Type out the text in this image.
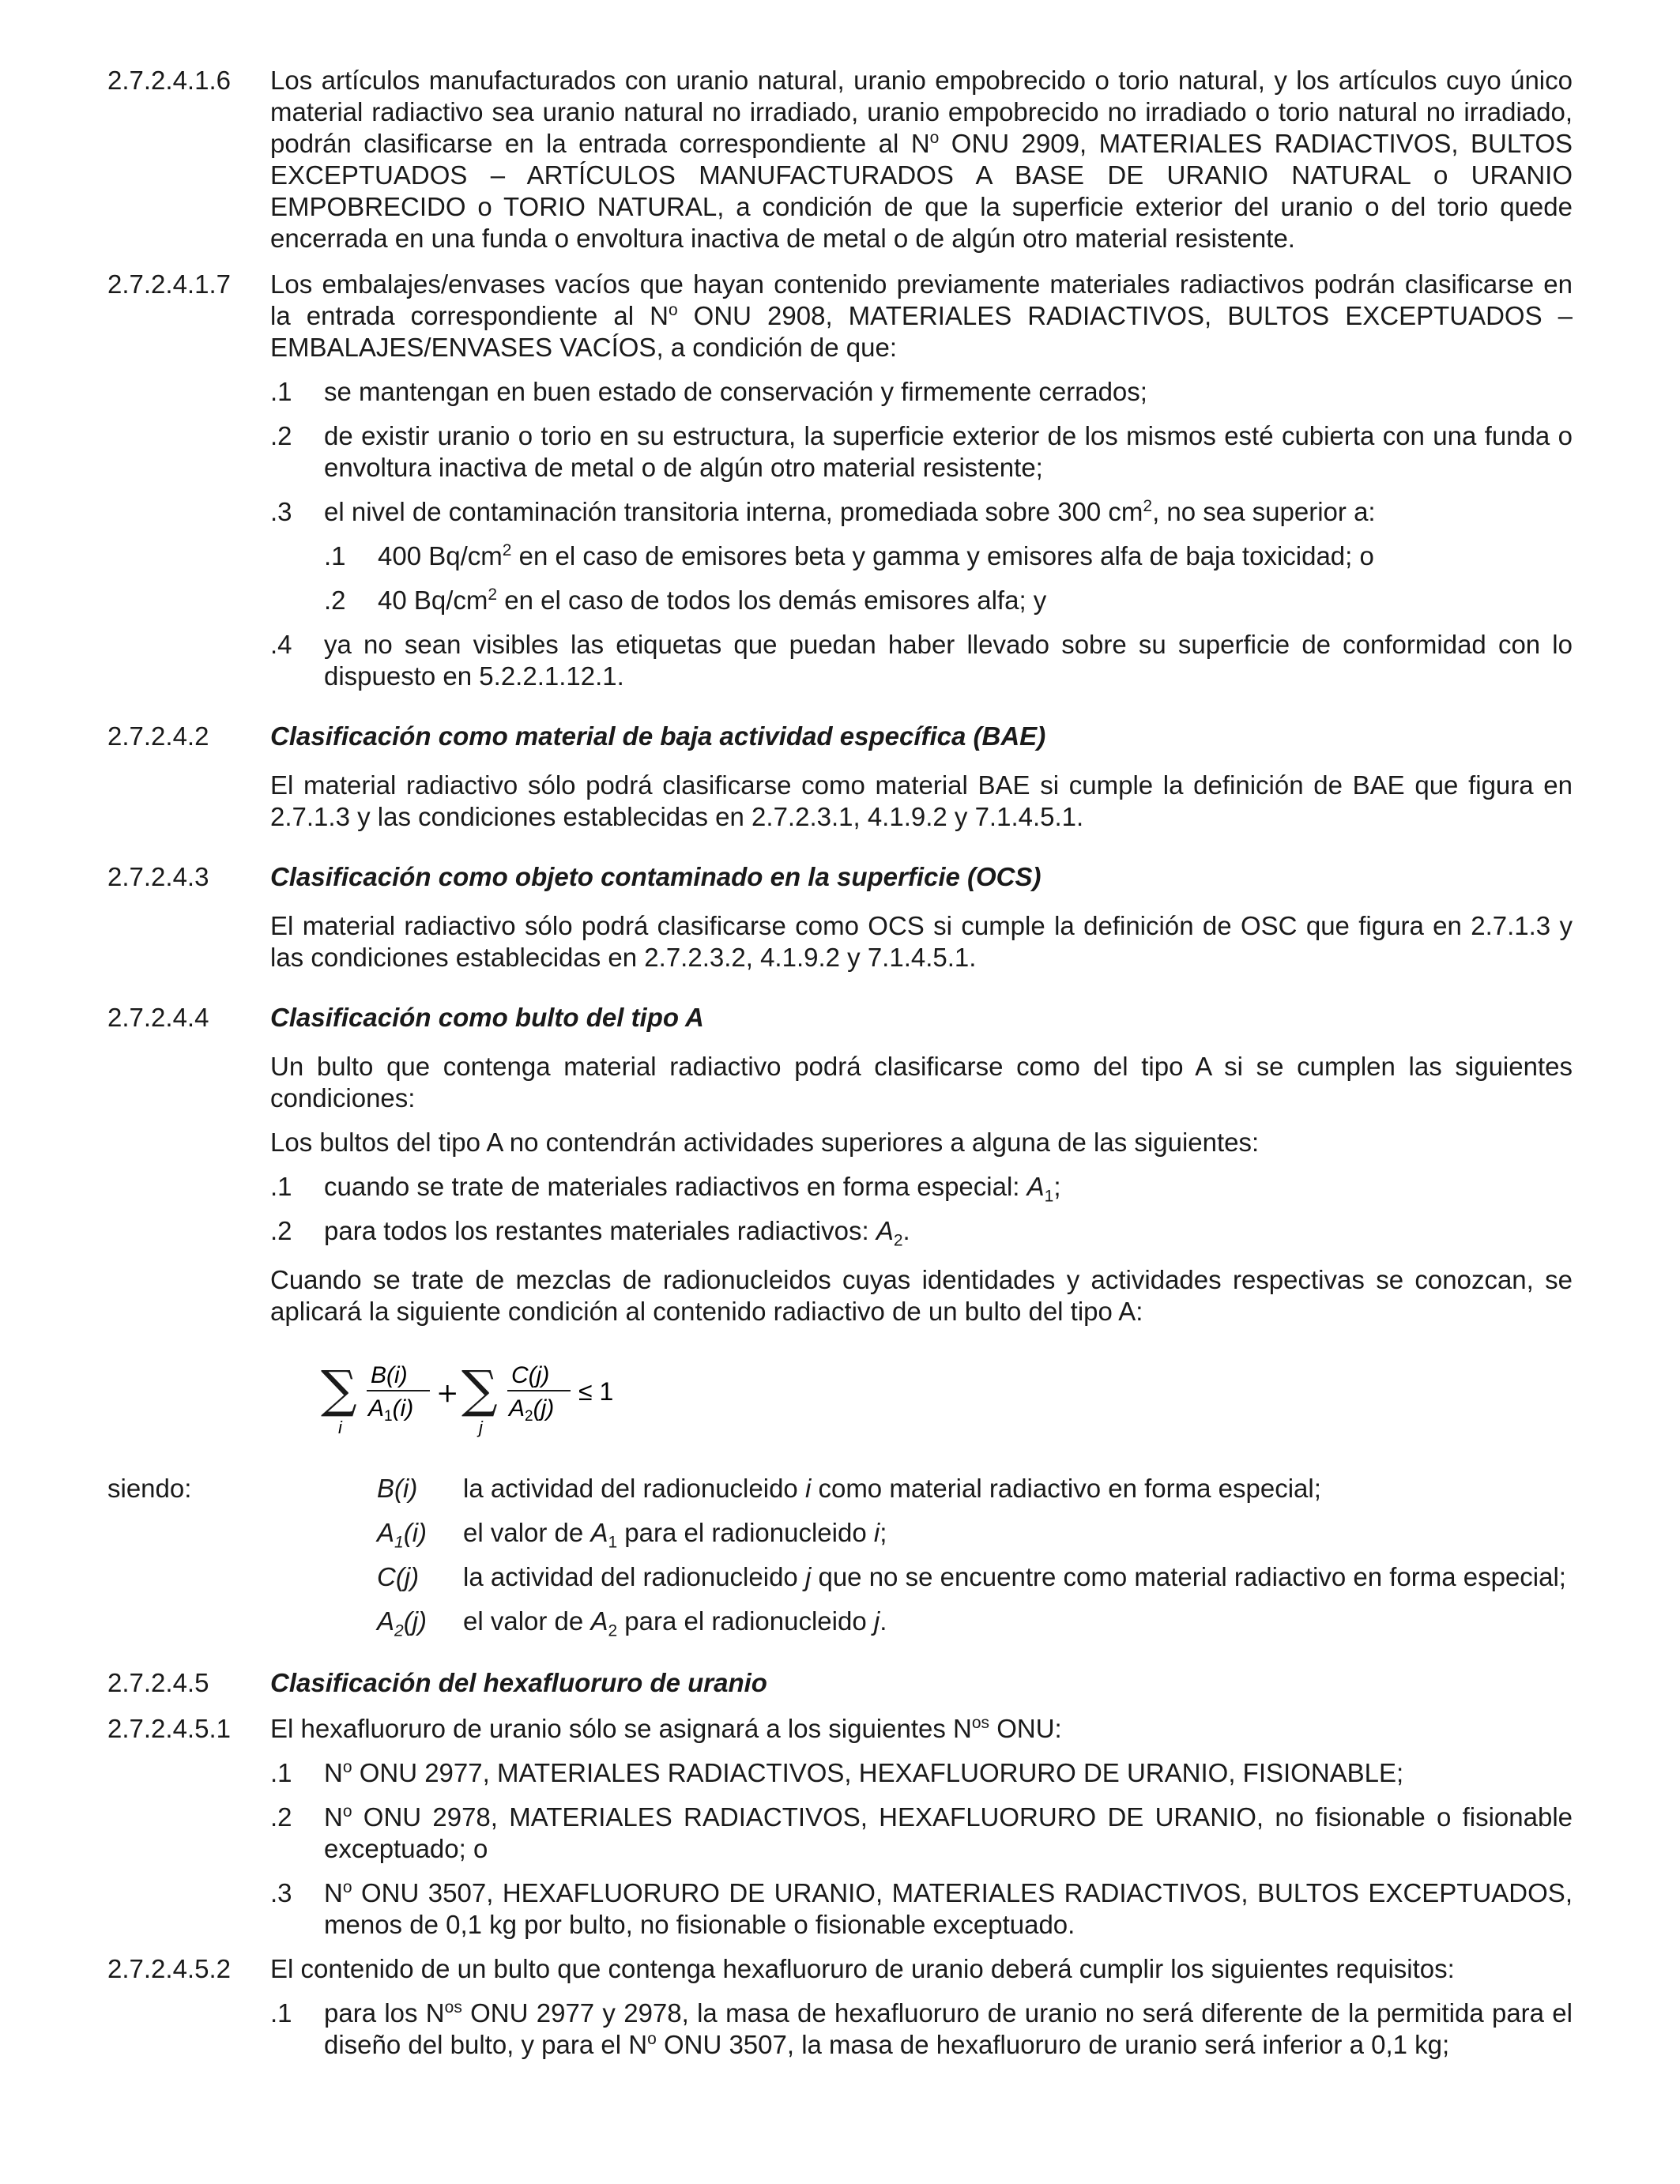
2.7.2.4.1.6 Los artículos manufacturados con uranio natural, uranio empobrecido o torio natural, y los artículos cuyo único material radiactivo sea uranio natural no irradiado, uranio empobrecido no irradiado o torio natural no irradiado, podrán clasificarse en la entrada correspondiente al $N^o$ ONU 2909, MATERIALES RADIACTIVOS, BULTOS EXCEPTUADOS – ARTÍCULOS MANUFACTURADOS A BASE DE URANIO NATURAL o URANIO EMPOBRECIDO o TORIO NATURAL, a condición de que la superficie exterior del uranio o del torio quede encerrada en una funda o envoltura inactiva de metal o de algún otro material resistente.
2.7.2.4.1.7 Los embalajes/envases vacíos que hayan contenido previamente materiales radiactivos podrán clasificarse en la entrada correspondiente al $N^o$ ONU 2908, MATERIALES RADIACTIVOS, BULTOS EXCEPTUADOS – EMBALAJES/ENVASES VACÍOS, a condición de que:
.1 se mantengan en buen estado de conservación y firmemente cerrados;
.2 de existir uranio o torio en su estructura, la superficie exterior de los mismos esté cubierta con una funda o envoltura inactiva de metal o de algún otro material resistente;
.3 el nivel de contaminación transitoria interna, promediada sobre 300 $cm^2$, no sea superior a:
.1 400 $Bq/cm^2$ en el caso de emisores beta y gamma y emisores alfa de baja toxicidad; o
.2 40 $Bq/cm^2$ en el caso de todos los demás emisores alfa; y
.4 ya no sean visibles las etiquetas que puedan haber llevado sobre su superficie de conformidad con lo dispuesto en 5.2.2.1.12.1.
2.7.2.4.2 Clasificación como material de baja actividad específica (BAE)
El material radiactivo sólo podrá clasificarse como material BAE si cumple la definición de BAE que figura en 2.7.1.3 y las condiciones establecidas en 2.7.2.3.1, 4.1.9.2 y 7.1.4.5.1.
2.7.2.4.3 Clasificación como objeto contaminado en la superficie (OCS)
El material radiactivo sólo podrá clasificarse como OCS si cumple la definición de OSC que figura en 2.7.1.3 y las condiciones establecidas en 2.7.2.3.2, 4.1.9.2 y 7.1.4.5.1.
2.7.2.4.4 Clasificación como bulto del tipo A
Un bulto que contenga material radiactivo podrá clasificarse como del tipo A si se cumplen las siguientes condiciones:
Los bultos del tipo A no contendrán actividades superiores a alguna de las siguientes:
.1 cuando se trate de materiales radiactivos en forma especial: $A_1$;
.2 para todos los restantes materiales radiactivos: $A_2$.
Cuando se trate de mezclas de radionucleidos cuyas identidades y actividades respectivas se conozcan, se aplicará la siguiente condición al contenido radiactivo de un bulto del tipo A:
∑
i
B(i)
$A_1(i)$ + ∑
j
C(j)
$A_2(j)$
≤ 1
siendo:	B(i) la actividad del radionucleido i como material radiactivo en forma especial;
$A_1(i)$ el valor de $A_1$ para el radionucleido i;
C(j) la actividad del radionucleido j que no se encuentre como material radiactivo en forma especial;
$A_2(j)$ el valor de $A_2$ para el radionucleido j.
2.7.2.4.5 Clasificación del hexafluoruro de uranio
2.7.2.4.5.1 El hexafluoruro de uranio sólo se asignará a los siguientes $N^{os}$ ONU:
.1 $N^o$ ONU 2977, MATERIALES RADIACTIVOS, HEXAFLUORURO DE URANIO, FISIONABLE;
.2 $N^o$ ONU 2978, MATERIALES RADIACTIVOS, HEXAFLUORURO DE URANIO, no fisionable o fisionable exceptuado; o
.3 $N^o$ ONU 3507, HEXAFLUORURO DE URANIO, MATERIALES RADIACTIVOS, BULTOS EXCEPTUADOS, menos de 0,1 kg por bulto, no fisionable o fisionable exceptuado.
2.7.2.4.5.2 El contenido de un bulto que contenga hexafluoruro de uranio deberá cumplir los siguientes requisitos:
.1 para los $N^{os}$ ONU 2977 y 2978, la masa de hexafluoruro de uranio no será diferente de la permitida para el diseño del bulto, y para el $N^o$ ONU 3507, la masa de hexafluoruro de uranio será inferior a 0,1 kg;
